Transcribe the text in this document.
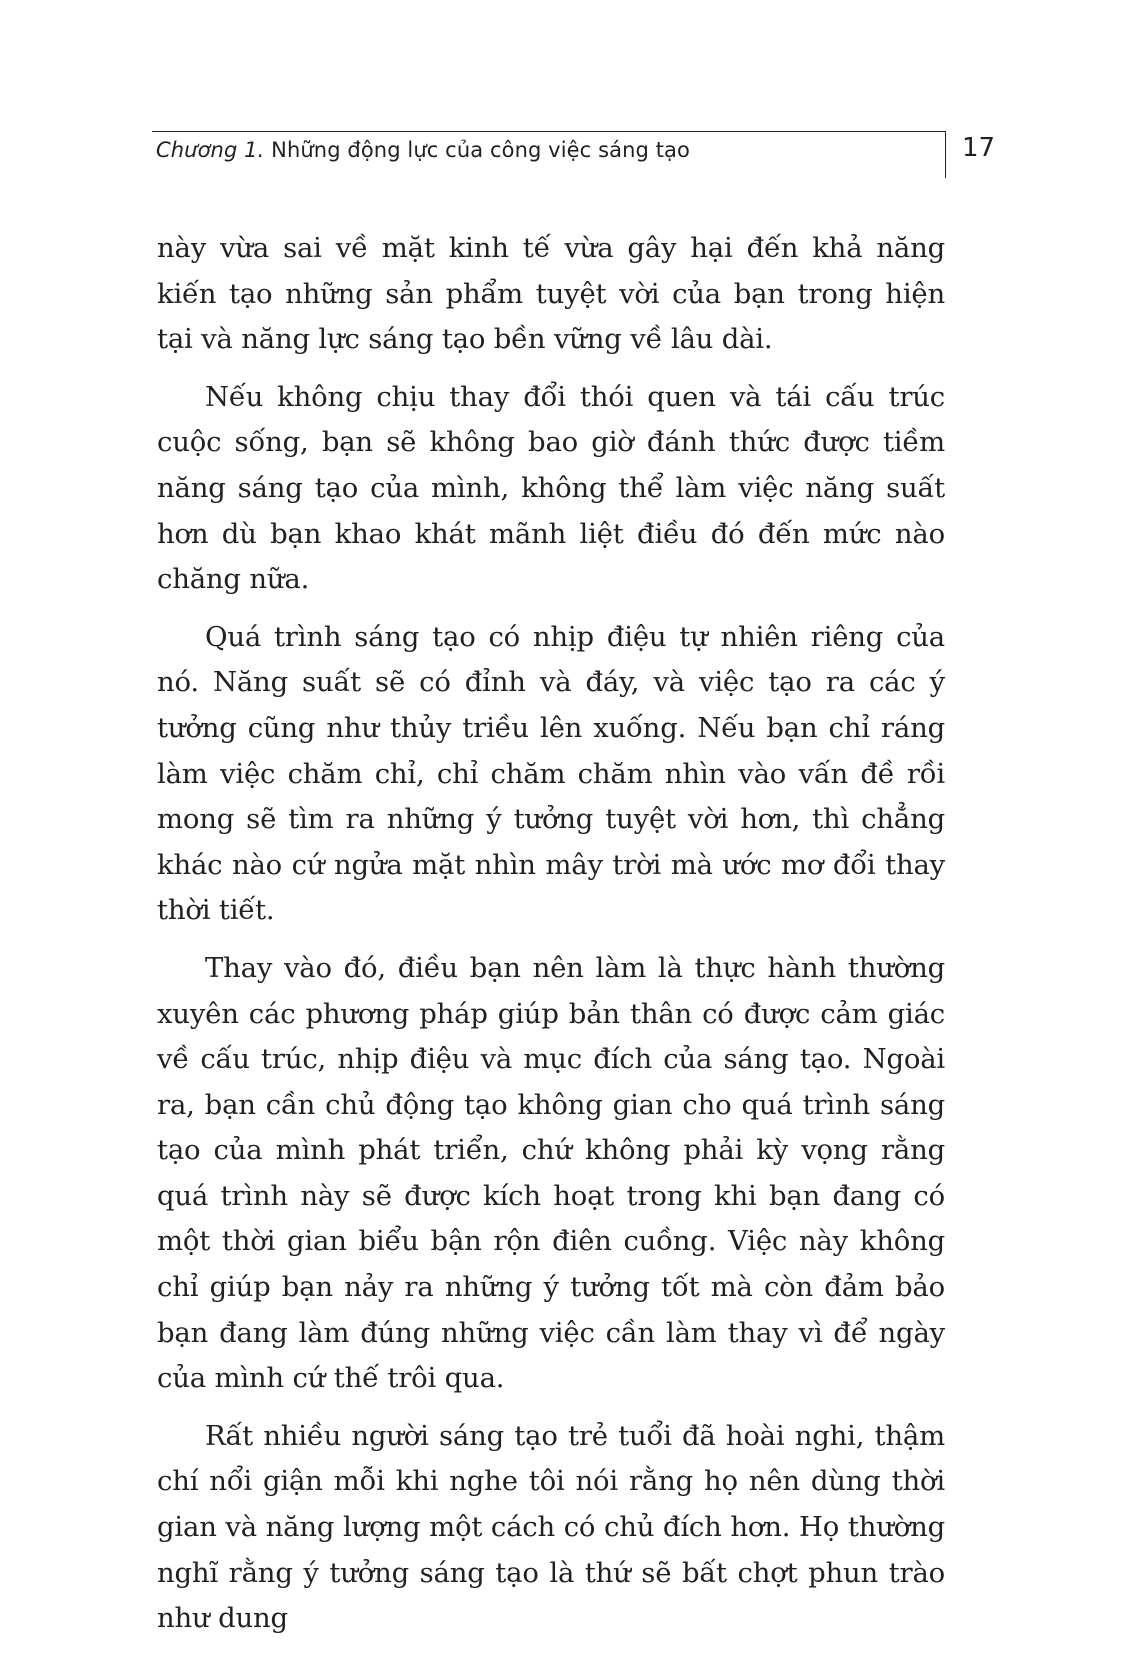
Chương 1. Những động lực của công việc sáng tạo	17

này vừa sai về mặt kinh tế vừa gây hại đến khả năng kiến tạo những sản phẩm tuyệt vời của bạn trong hiện tại và năng lực sáng tạo bền vững về lâu dài.

Nếu không chịu thay đổi thói quen và tái cấu trúc cuộc sống, bạn sẽ không bao giờ đánh thức được tiềm năng sáng tạo của mình, không thể làm việc năng suất hơn dù bạn khao khát mãnh liệt điều đó đến mức nào chăng nữa.

Quá trình sáng tạo có nhịp điệu tự nhiên riêng của nó. Năng suất sẽ có đỉnh và đáy, và việc tạo ra các ý tưởng cũng như thủy triều lên xuống. Nếu bạn chỉ ráng làm việc chăm chỉ, chỉ chăm chăm nhìn vào vấn đề rồi mong sẽ tìm ra những ý tưởng tuyệt vời hơn, thì chẳng khác nào cứ ngửa mặt nhìn mây trời mà ước mơ đổi thay thời tiết.

Thay vào đó, điều bạn nên làm là thực hành thường xuyên các phương pháp giúp bản thân có được cảm giác về cấu trúc, nhịp điệu và mục đích của sáng tạo. Ngoài ra, bạn cần chủ động tạo không gian cho quá trình sáng tạo của mình phát triển, chứ không phải kỳ vọng rằng quá trình này sẽ được kích hoạt trong khi bạn đang có một thời gian biểu bận rộn điên cuồng. Việc này không chỉ giúp bạn nảy ra những ý tưởng tốt mà còn đảm bảo bạn đang làm đúng những việc cần làm thay vì để ngày của mình cứ thế trôi qua.

Rất nhiều người sáng tạo trẻ tuổi đã hoài nghi, thậm chí nổi giận mỗi khi nghe tôi nói rằng họ nên dùng thời gian và năng lượng một cách có chủ đích hơn. Họ thường nghĩ rằng ý tưởng sáng tạo là thứ sẽ bất chợt phun trào như dung
